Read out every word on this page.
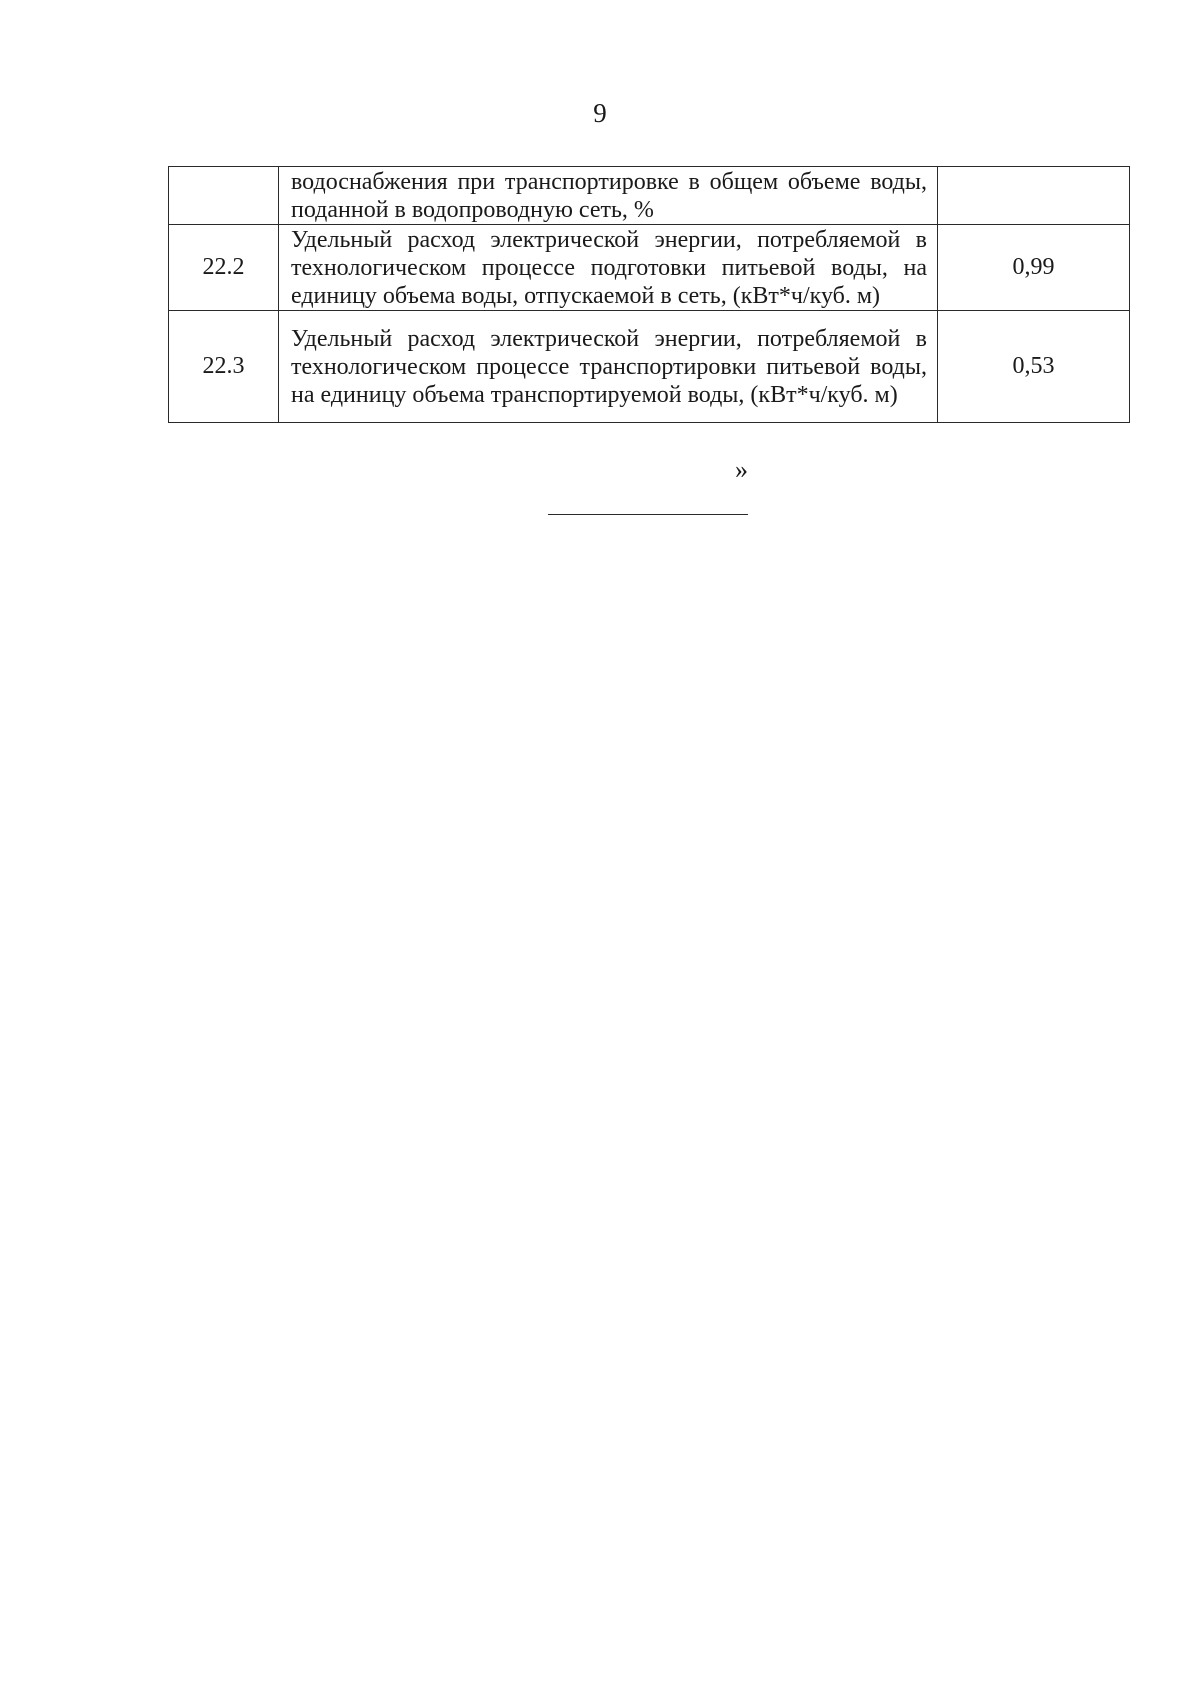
9
	водоснабжения при транспортировке в общем объеме воды, поданной в водопроводную сеть, %	
22.2	Удельный расход электрической энергии, потребляемой в технологическом процессе подготовки питьевой воды, на единицу объема воды, отпускаемой в сеть, (кВт*ч/куб. м)	0,99
22.3	Удельный расход электрической энергии, потребляемой в технологическом процессе транспортировки питьевой воды, на единицу объема транспортируемой воды, (кВт*ч/куб. м)	0,53
»
